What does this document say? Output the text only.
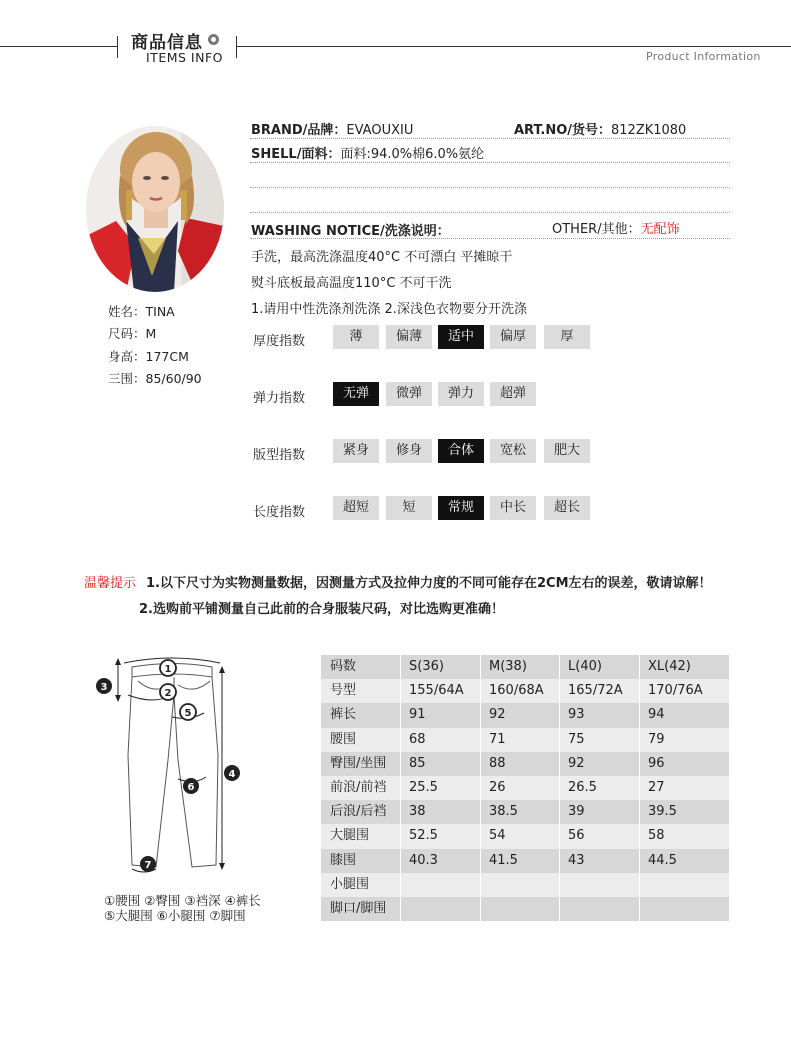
商品信息
ITEMS INFO	Product Information
姓名：TINA
尺码：M
身高：177CM
三围：85/60/90
BRAND/品牌：EVAOUXIU	ART.NO/货号：812ZK1080
SHELL/面料：面料:94.0%棉6.0%氨纶
WASHING NOTICE/洗涤说明：	OTHER/其他：无配饰
手洗，最高洗涤温度40°C 不可漂白 平摊晾干
熨斗底板最高温度110°C 不可干洗
1.请用中性洗涤剂洗涤 2.深浅色衣物要分开洗涤
厚度指数	薄	偏薄	适中	偏厚	厚
弹力指数	无弹	微弹	弹力	超弹
版型指数	紧身	修身	合体	宽松	肥大
长度指数	超短	短	常规	中长	超长
温馨提示 1.以下尺寸为实物测量数据，因测量方式及拉伸力度的不同可能存在2CM左右的误差，敬请谅解！
2.选购前平铺测量自己此前的合身服装尺码，对比选购更准确！
1
2
3
4
5
6
7
①腰围 ②臀围 ③裆深 ④裤长
⑤大腿围 ⑥小腿围 ⑦脚围
码数	S(36)	M(38)	L(40)	XL(42)
号型	155/64A	160/68A	165/72A	170/76A
裤长	91	92	93	94
腰围	68	71	75	79
臀围/坐围	85	88	92	96
前浪/前裆	25.5	26	26.5	27
后浪/后裆	38	38.5	39	39.5
大腿围	52.5	54	56	58
膝围	40.3	41.5	43	44.5
小腿围
脚口/脚围
